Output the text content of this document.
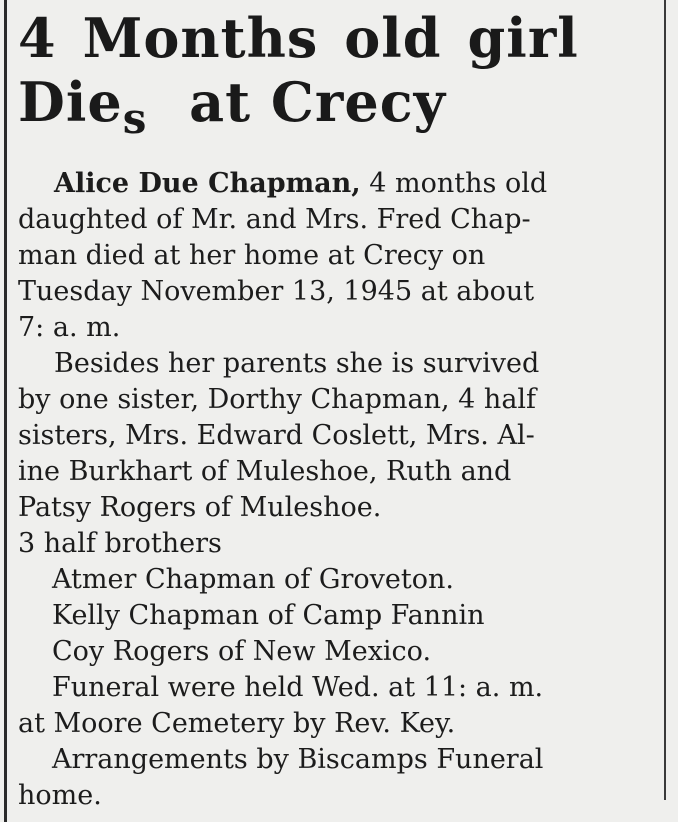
4 Months old girl
Die$_s$ at Crecy
Alice Due Chapman, 4 months old
daughted of Mr. and Mrs. Fred Chap-
man died at her home at Crecy on
Tuesday November 13, 1945 at about
7: a. m.
Besides her parents she is survived
by one sister, Dorthy Chapman, 4 half
sisters, Mrs. Edward Coslett, Mrs. Al-
ine Burkhart of Muleshoe, Ruth and
Patsy Rogers of Muleshoe.
3 half brothers
Atmer Chapman of Groveton.
Kelly Chapman of Camp Fannin
Coy Rogers of New Mexico.
Funeral were held Wed. at 11: a. m.
at Moore Cemetery by Rev. Key.
Arrangements by Biscamps Funeral
home.
